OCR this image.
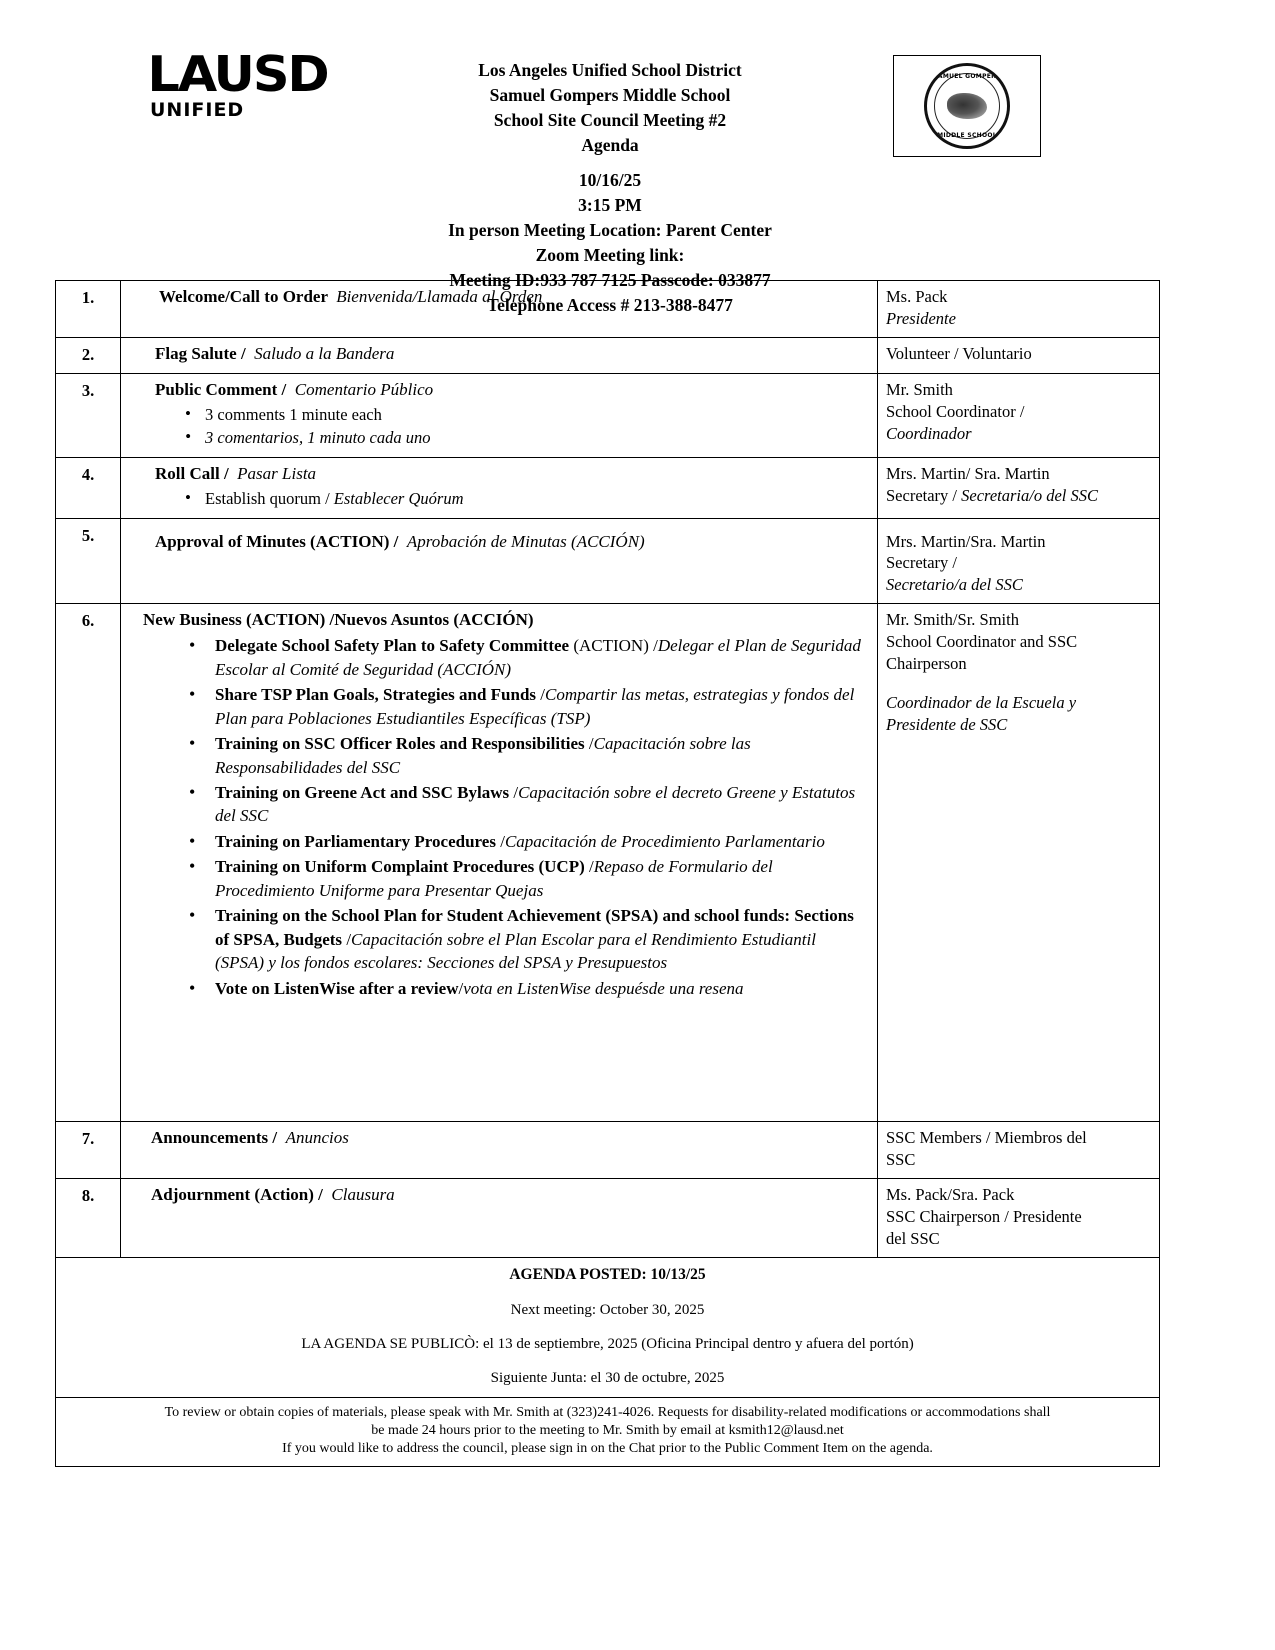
LAUSD
UNIFIED
Los Angeles Unified School District
Samuel Gompers Middle School
School Site Council Meeting #2
Agenda
10/16/25
3:15 PM
In person Meeting Location: Parent Center
Zoom Meeting link:
Meeting ID:933 787 7125 Passcode: 033877
Telephone Access # 213-388-8477
SAMUEL GOMPERS
MIDDLE SCHOOL
1.	Welcome/Call to Order Bienvenida/Llamada al Orden	Ms. Pack
Presidente

2.	Flag Salute / Saludo a la Bandera	Volunteer / Voluntario

3.	Public Comment / Comentario Público
• 3 comments 1 minute each
• 3 comentarios, 1 minuto cada uno

Mr. Smith
School Coordinator /
Coordinador

4.	Roll Call / Pasar Lista
• Establish quorum / Establecer Quórum

Mrs. Martin/ Sra. Martin
Secretary / Secretaria/o del SSC

5.	Approval of Minutes (ACTION) / Aprobación de Minutas (ACCIÓN)	Mrs. Martin/Sra. Martin
Secretary /
Secretario/a del SSC

6.	New Business (ACTION) /Nuevos Asuntos (ACCIÓN)
• Delegate School Safety Plan to Safety Committee (ACTION) /Delegar el Plan de Seguridad Escolar al Comité de Seguridad (ACCIÓN)
• Share TSP Plan Goals, Strategies and Funds /Compartir las metas, estrategias y fondos del Plan para Poblaciones Estudiantiles Específicas (TSP)
• Training on SSC Officer Roles and Responsibilities /Capacitación sobre las Responsabilidades del SSC
• Training on Greene Act and SSC Bylaws /Capacitación sobre el decreto Greene y Estatutos del SSC
• Training on Parliamentary Procedures /Capacitación de Procedimiento Parlamentario
• Training on Uniform Complaint Procedures (UCP) /Repaso de Formulario del Procedimiento Uniforme para Presentar Quejas
• Training on the School Plan for Student Achievement (SPSA) and school funds: Sections of SPSA, Budgets /Capacitación sobre el Plan Escolar para el Rendimiento Estudiantil (SPSA) y los fondos escolares: Secciones del SPSA y Presupuestos
• Vote on ListenWise after a review/vota en ListenWise despuésde una resena

Mr. Smith/Sr. Smith
School Coordinator and SSC
Chairperson
Coordinador de la Escuela y
Presidente de SSC

7.	Announcements / Anuncios	SSC Members / Miembros del
SSC

8.	Adjournment (Action) / Clausura	Ms. Pack/Sra. Pack
SSC Chairperson / Presidente
del SSC

AGENDA POSTED: 10/13/25
Next meeting: October 30, 2025
LA AGENDA SE PUBLICÒ: el 13 de septiembre, 2025 (Oficina Principal dentro y afuera del portón)
Siguiente Junta: el 30 de octubre, 2025		

To review or obtain copies of materials, please speak with Mr. Smith at (323)241-4026. Requests for disability-related modifications or accommodations shall
be made 24 hours prior to the meeting to Mr. Smith by email at ksmith12@lausd.net
If you would like to address the council, please sign in on the Chat prior to the Public Comment Item on the agenda.		
